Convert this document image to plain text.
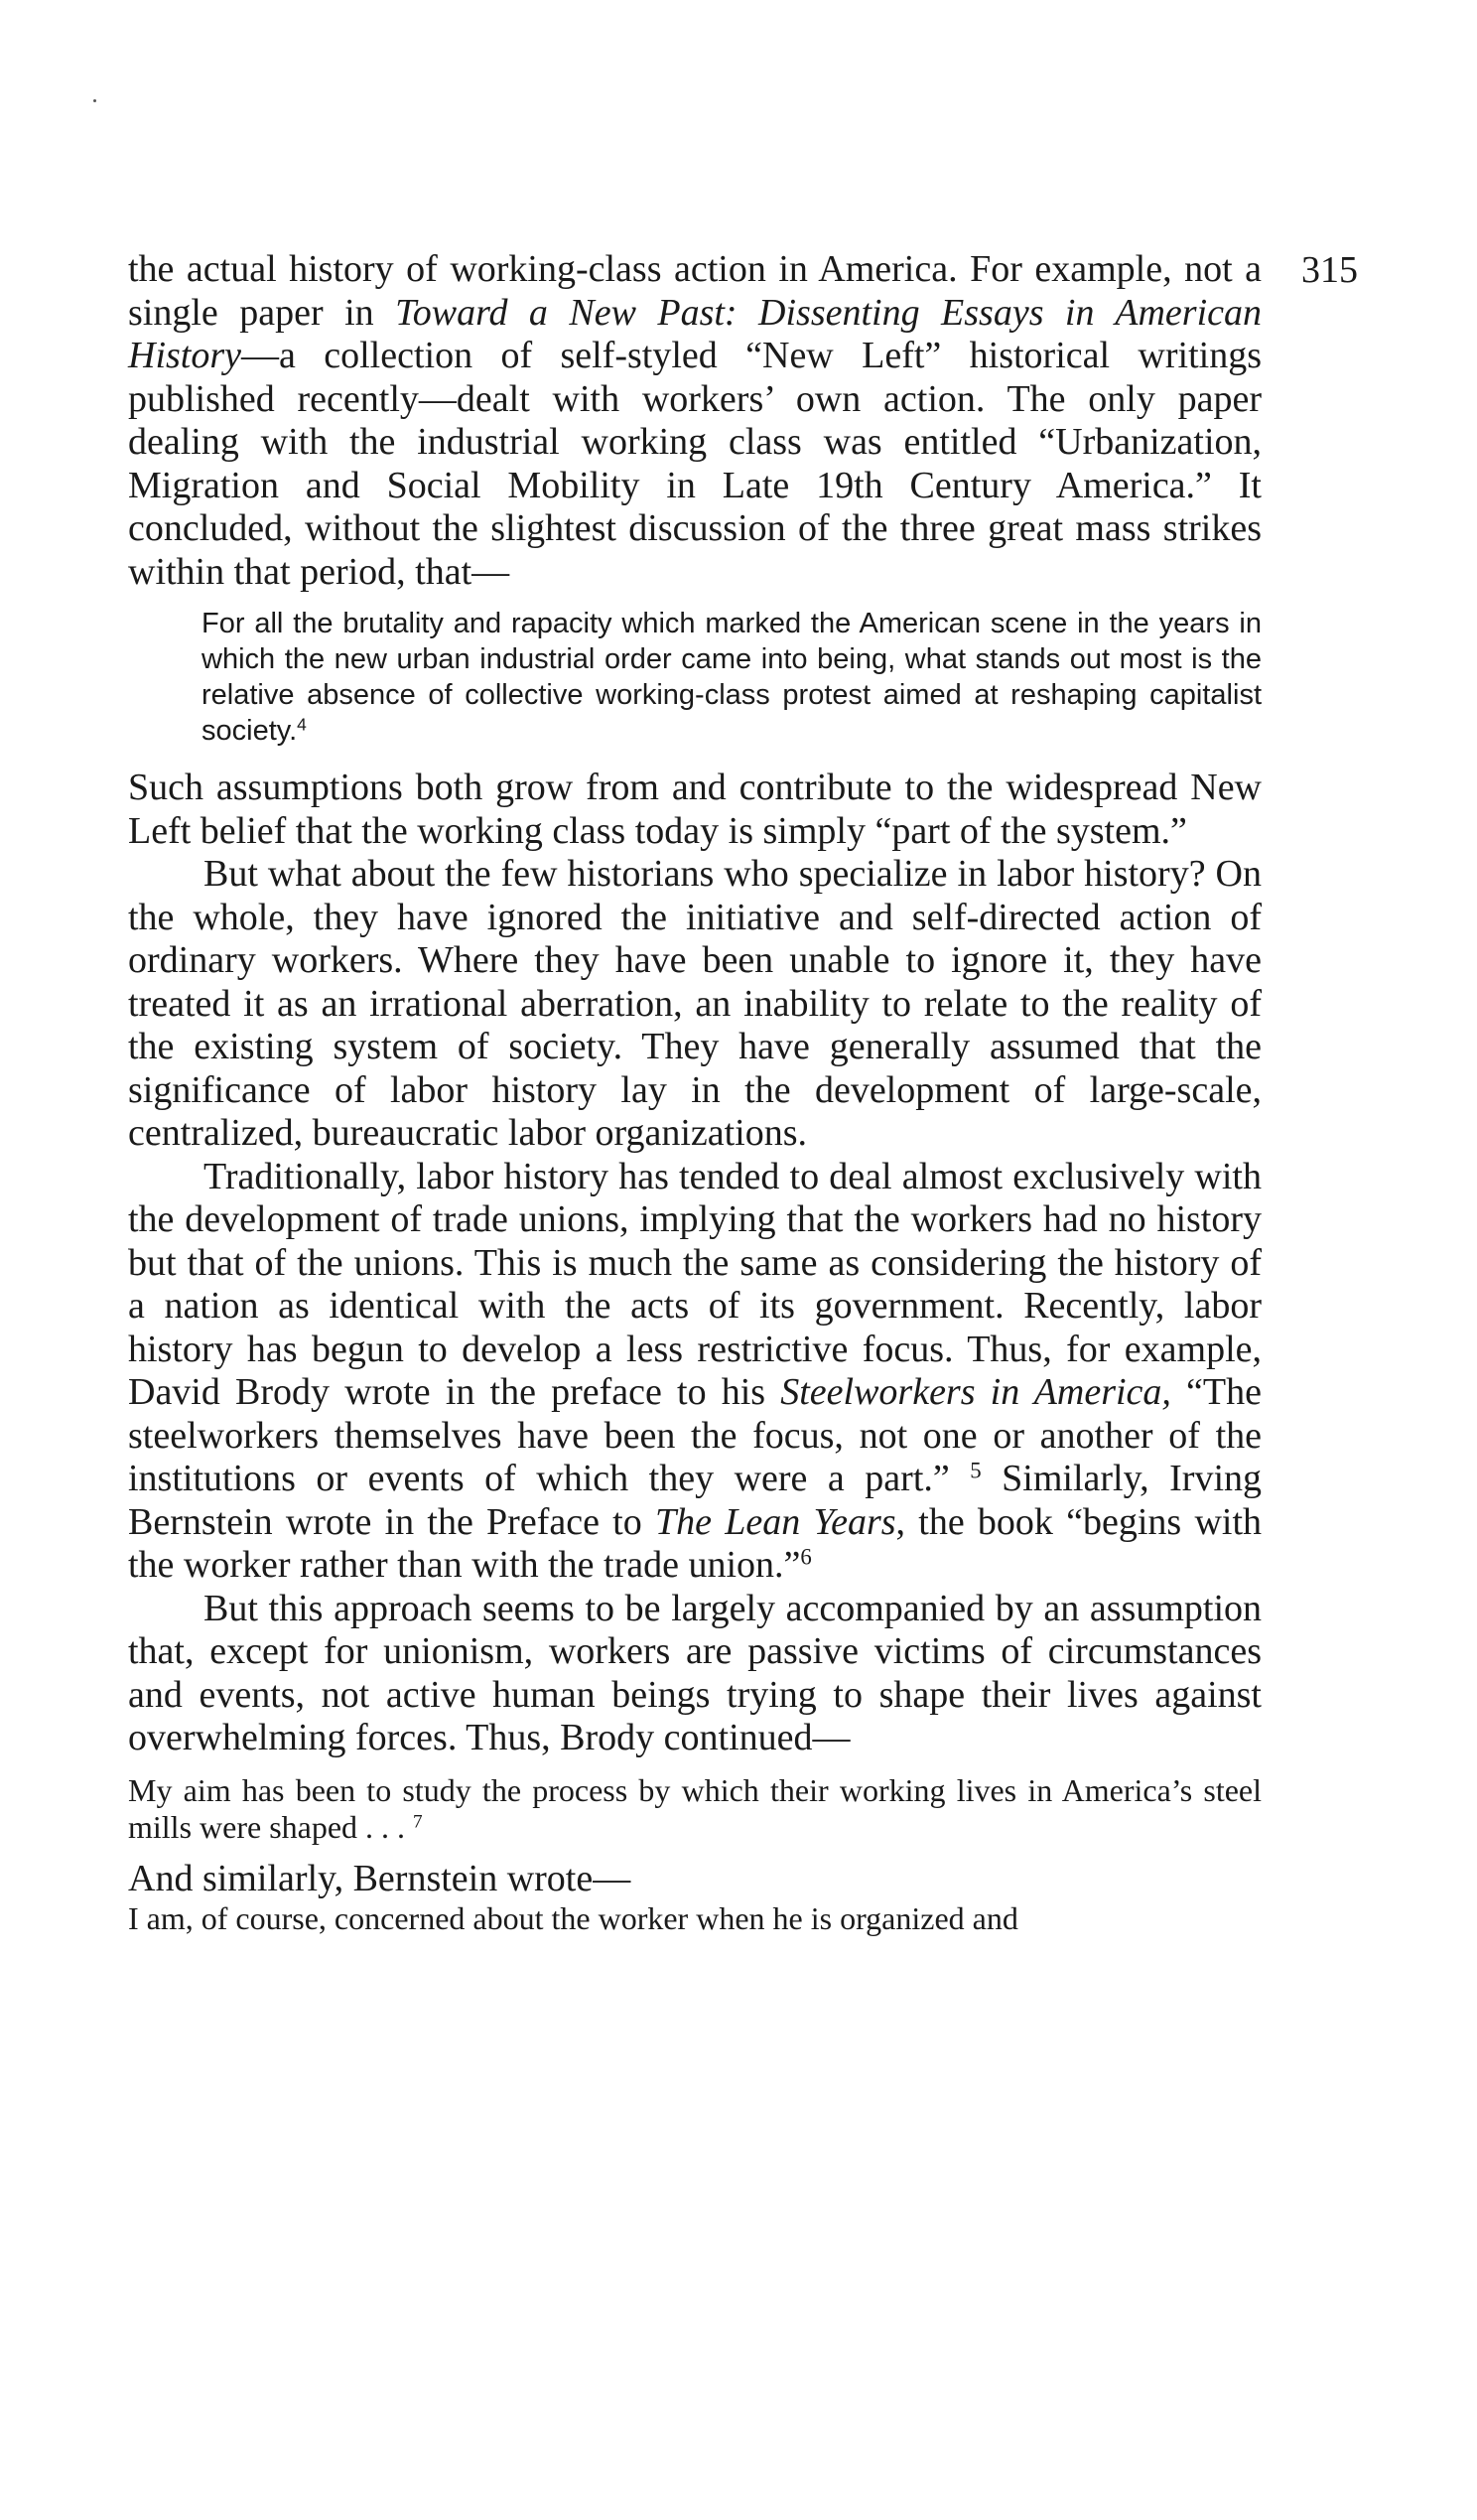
315

the actual history of working-class action in America. For example, not a single paper in Toward a New Past: Dissenting Essays in American History—a collection of self-styled “New Left” historical writings published recently—dealt with workers’ own action. The only paper dealing with the industrial working class was entitled “Urbanization, Migration and Social Mobility in Late 19th Century America.” It concluded, without the slightest discussion of the three great mass strikes within that period, that—

For all the brutality and rapacity which marked the American scene in the years in which the new urban industrial order came into being, what stands out most is the relative absence of collective working-class protest aimed at reshaping capitalist society.$^4$

Such assumptions both grow from and contribute to the widespread New Left belief that the working class today is simply “part of the system.”

But what about the few historians who specialize in labor history? On the whole, they have ignored the initiative and self-directed action of ordinary workers. Where they have been unable to ignore it, they have treated it as an irrational aberration, an inability to relate to the reality of the existing system of society. They have generally assumed that the significance of labor history lay in the development of large-scale, centralized, bureaucratic labor organizations.

Traditionally, labor history has tended to deal almost exclusively with the development of trade unions, implying that the workers had no history but that of the unions. This is much the same as considering the history of a nation as identical with the acts of its government. Recently, labor history has begun to develop a less restrictive focus. Thus, for example, David Brody wrote in the preface to his Steelworkers in America, “The steelworkers themselves have been the focus, not one or another of the institutions or events of which they were a part.” $^5$ Similarly, Irving Bernstein wrote in the Preface to The Lean Years, the book “begins with the worker rather than with the trade union.”$^6$

But this approach seems to be largely accompanied by an assumption that, except for unionism, workers are passive victims of circumstances and events, not active human beings trying to shape their lives against overwhelming forces. Thus, Brody continued—

My aim has been to study the process by which their working lives in America’s steel mills were shaped . . . $^7$

And similarly, Bernstein wrote—

I am, of course, concerned about the worker when he is organized and
